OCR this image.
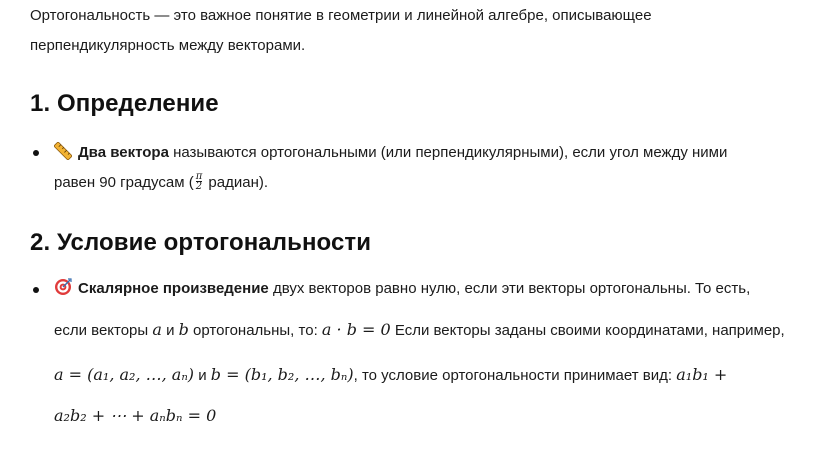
Ортогональность — это важное понятие в геометрии и линейной алгебре, описывающее
перпендикулярность между векторами.
1. Определение
Два вектора называются ортогональными (или перпендикулярными), если угол между ними
равен 90 градусам ( $\frac{\pi}{2}$ радиан).
2. Условие ортогональности
Скалярное произведение двух векторов равно нулю, если эти векторы ортогональны. То есть,
если векторы a и b ортогональны, то: a · b = 0 Если векторы заданы своими координатами, например,
a = (a₁, a₂, …, aₙ) и b = (b₁, b₂, …, bₙ), то условие ортогональности принимает вид: a₁b₁ +
a₂b₂ + ⋯ + aₙbₙ = 0
